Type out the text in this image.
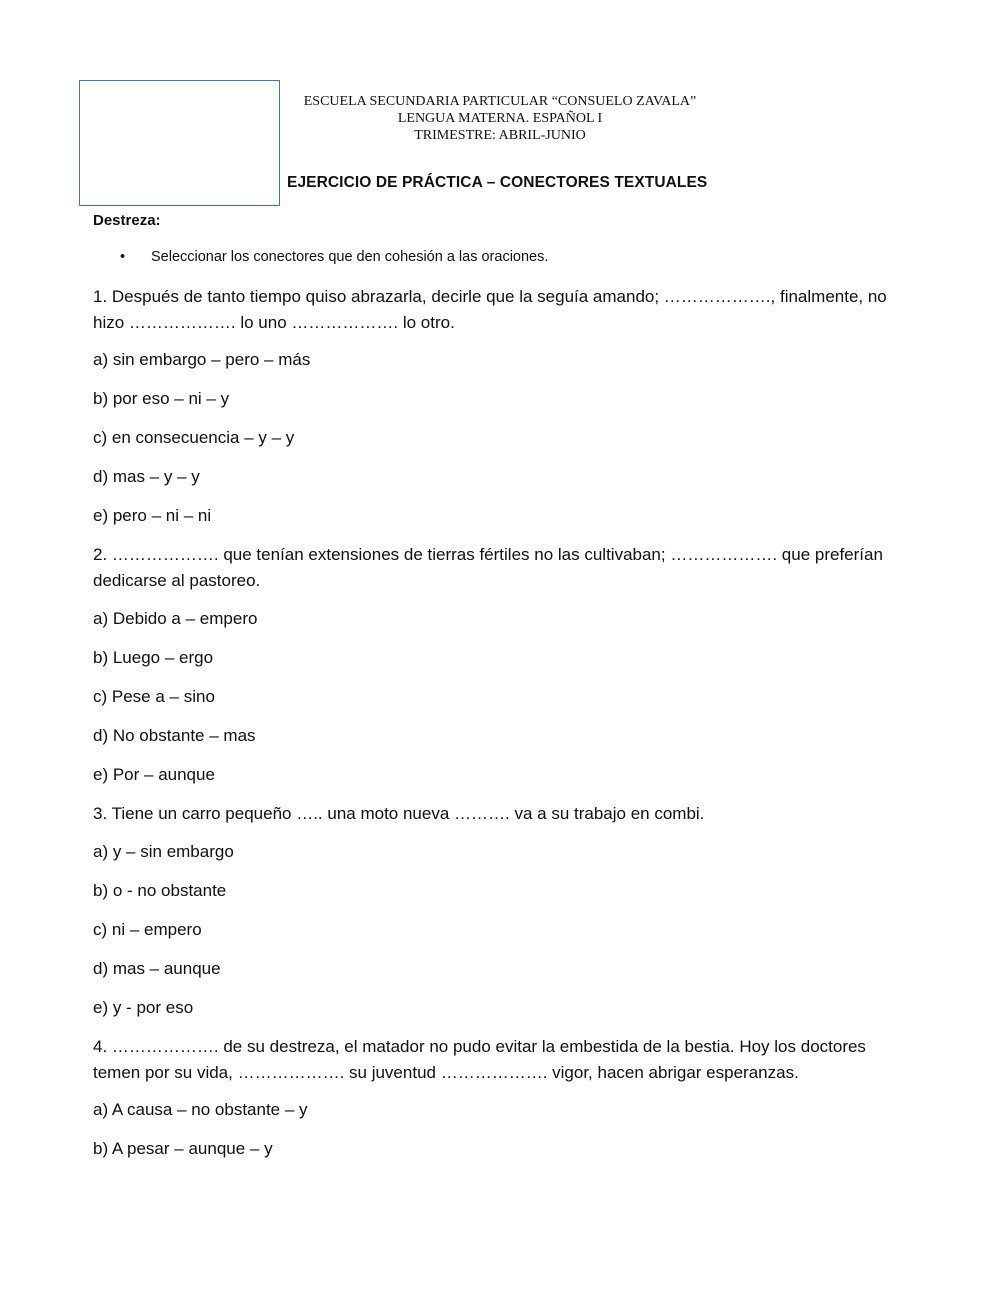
ESCUELA SECUNDARIA PARTICULAR “CONSUELO ZAVALA”
LENGUA MATERNA. ESPAÑOL I
TRIMESTRE: ABRIL-JUNIO
EJERCICIO DE PRÁCTICA – CONECTORES TEXTUALES
Destreza:
• Seleccionar los conectores que den cohesión a las oraciones.
1. Después de tanto tiempo quiso abrazarla, decirle que la seguía amando; ………………., finalmente, no hizo ………………. lo uno ………………. lo otro.
a) sin embargo – pero – más
b) por eso – ni – y
c) en consecuencia – y – y
d) mas – y – y
e) pero – ni – ni
2. ………………. que tenían extensiones de tierras fértiles no las cultivaban; ………………. que preferían dedicarse al pastoreo.
a) Debido a – empero
b) Luego – ergo
c) Pese a – sino
d) No obstante – mas
e) Por – aunque
3. Tiene un carro pequeño ….. una moto nueva ………. va a su trabajo en combi.
a) y – sin embargo
b) o - no obstante
c) ni – empero
d) mas – aunque
e) y - por eso
4. ………………. de su destreza, el matador no pudo evitar la embestida de la bestia. Hoy los doctores temen por su vida, ………………. su juventud ………………. vigor, hacen abrigar esperanzas.
a) A causa – no obstante – y
b) A pesar – aunque – y
